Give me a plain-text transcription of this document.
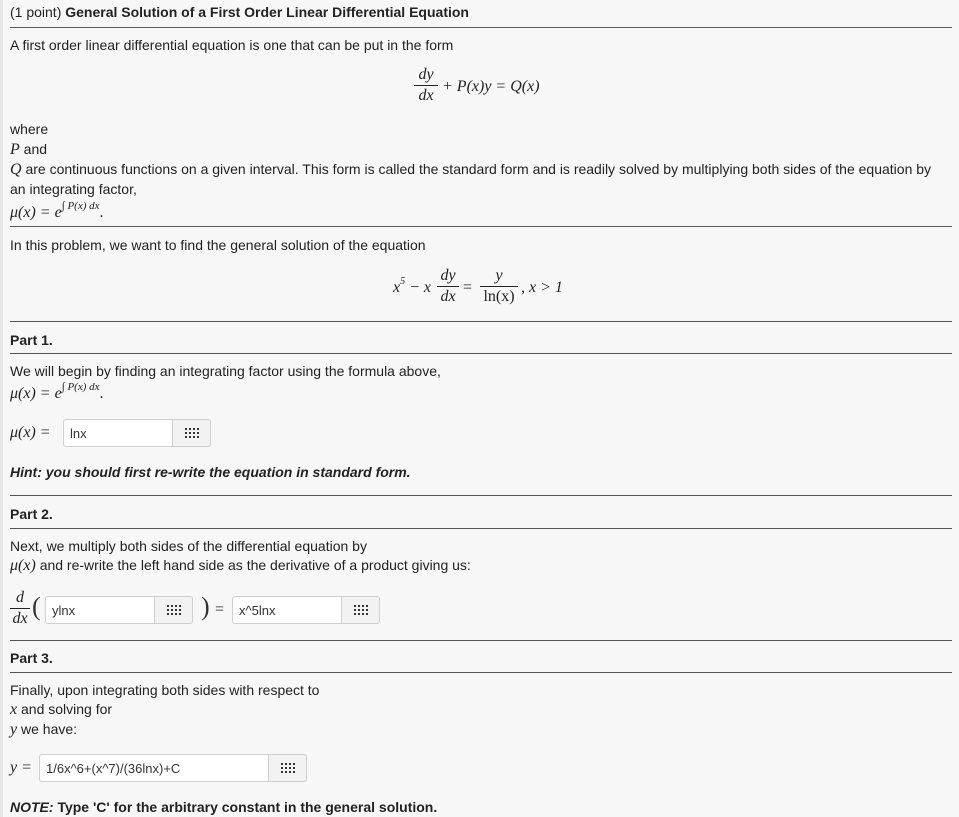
(1 point) General Solution of a First Order Linear Differential Equation
A first order linear differential equation is one that can be put in the form
dy
dx
+ P(x)y = Q(x)
where
P and
Q are continuous functions on a given interval. This form is called the standard form and is readily solved by multiplying both sides of the equation by
an integrating factor,
$\mu(x) = e^{\int P(x) dx}$.
In this problem, we want to find the general solution of the equation
$x^5 - x$
dy
dx
=
y
ln(x)
, x > 1
Part 1.
We will begin by finding an integrating factor using the formula above,
$\mu(x) = e^{\int P(x) dx}$.
μ(x) =	lnx
Hint: you should first re-write the equation in standard form.
Part 2.
Next, we multiply both sides of the differential equation by
μ(x) and re-write the left hand side as the derivative of a product giving us:
d
dx ( ylnx	) =	x^5lnx
Part 3.
Finally, upon integrating both sides with respect to
x and solving for
y we have:
y =	1/6x^6+(x^7)/(36lnx)+C
NOTE: Type 'C' for the arbitrary constant in the general solution.
